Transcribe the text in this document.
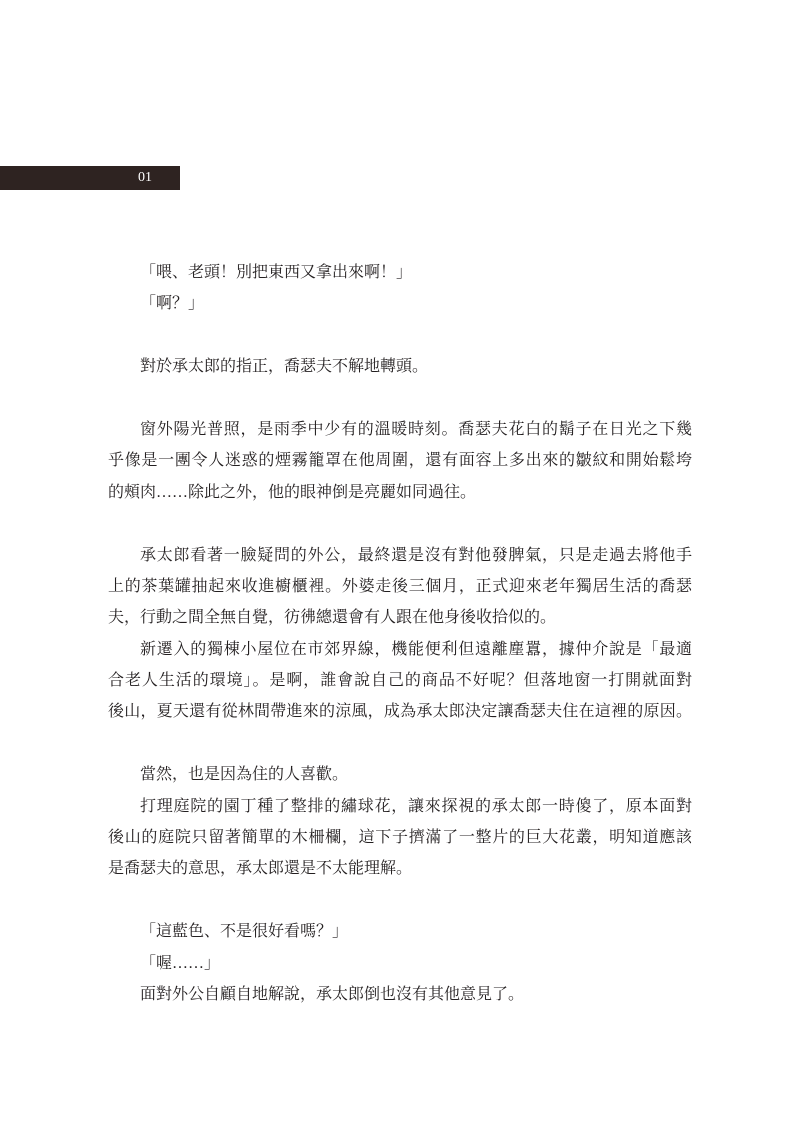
01
「喂、老頭！別把東西又拿出來啊！」
「啊？」
對於承太郎的指正，喬瑟夫不解地轉頭。
窗外陽光普照，是雨季中少有的溫暖時刻。喬瑟夫花白的鬍子在日光之下幾
乎像是一團令人迷惑的煙霧籠罩在他周圍，還有面容上多出來的皺紋和開始鬆垮
的頰肉……除此之外，他的眼神倒是亮麗如同過往。
承太郎看著一臉疑問的外公，最終還是沒有對他發脾氣，只是走過去將他手
上的茶葉罐抽起來收進櫥櫃裡。外婆走後三個月，正式迎來老年獨居生活的喬瑟
夫，行動之間全無自覺，彷彿總還會有人跟在他身後收拾似的。
新遷入的獨棟小屋位在市郊界線，機能便利但遠離塵囂，據仲介說是「最適
合老人生活的環境」。是啊，誰會說自己的商品不好呢？但落地窗一打開就面對
後山，夏天還有從林間帶進來的涼風，成為承太郎決定讓喬瑟夫住在這裡的原因。
當然，也是因為住的人喜歡。
打理庭院的園丁種了整排的繡球花，讓來探視的承太郎一時傻了，原本面對
後山的庭院只留著簡單的木柵欄，這下子擠滿了一整片的巨大花叢，明知道應該
是喬瑟夫的意思，承太郎還是不太能理解。
「這藍色、不是很好看嗎？」
「喔……」
面對外公自顧自地解說，承太郎倒也沒有其他意見了。
